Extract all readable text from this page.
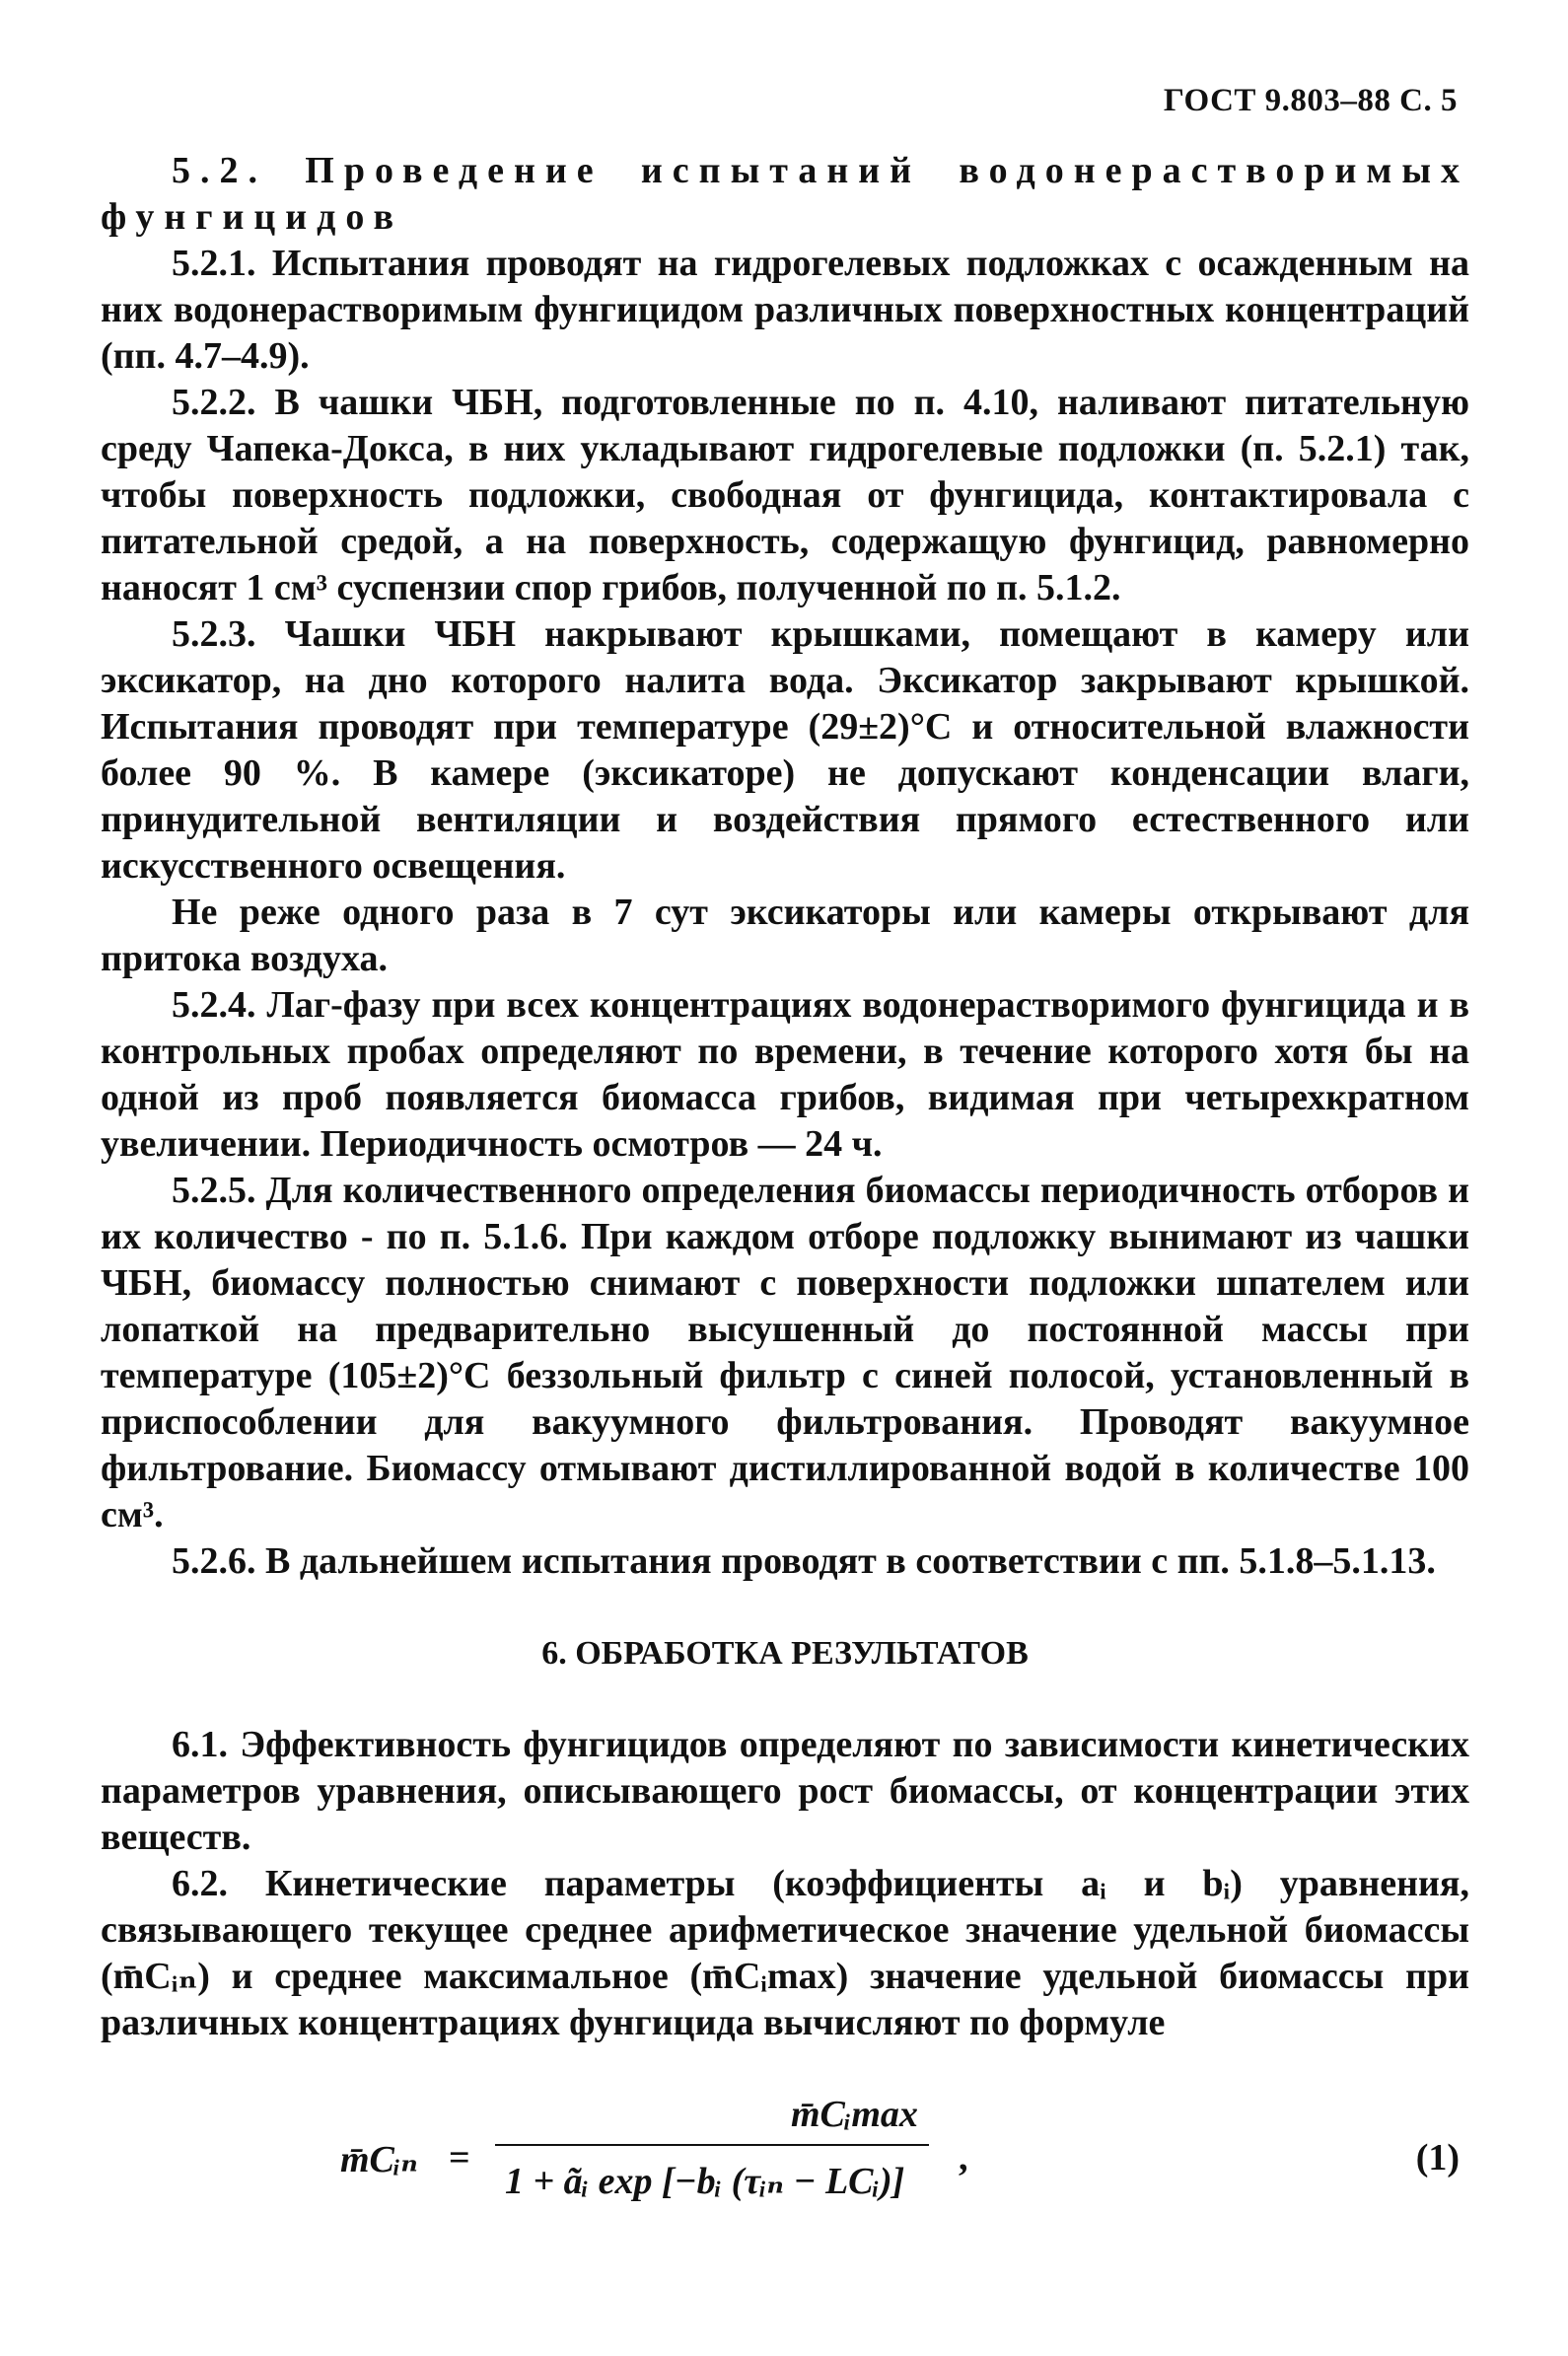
ГОСТ 9.803–88 С. 5

5.2. Проведение испытаний водонерастворимых фунгицидов

5.2.1. Испытания проводят на гидрогелевых подложках с осажденным на них водонерастворимым фунгицидом различных поверхностных концентраций (пп. 4.7–4.9).

5.2.2. В чашки ЧБН, подготовленные по п. 4.10, наливают питательную среду Чапека-Докса, в них укладывают гидрогелевые подложки (п. 5.2.1) так, чтобы поверхность подложки, свободная от фунгицида, контактировала с питательной средой, а на поверхность, содержащую фунгицид, равномерно наносят 1 см³ суспензии спор грибов, полученной по п. 5.1.2.

5.2.3. Чашки ЧБН накрывают крышками, помещают в камеру или эксикатор, на дно которого налита вода. Эксикатор закрывают крышкой. Испытания проводят при температуре (29±2)°С и относительной влажности более 90 %. В камере (эксикаторе) не допускают конденсации влаги, принудительной вентиляции и воздействия прямого естественного или искусственного освещения.

Не реже одного раза в 7 сут эксикаторы или камеры открывают для притока воздуха.

5.2.4. Лаг-фазу при всех концентрациях водонерастворимого фунгицида и в контрольных пробах определяют по времени, в течение которого хотя бы на одной из проб появляется биомасса грибов, видимая при четырехкратном увеличении. Периодичность осмотров — 24 ч.

5.2.5. Для количественного определения биомассы периодичность отборов и их количество - по п. 5.1.6. При каждом отборе подложку вынимают из чашки ЧБН, биомассу полностью снимают с поверхности подложки шпателем или лопаткой на предварительно высушенный до постоянной массы при температуре (105±2)°С беззольный фильтр с синей полосой, установленный в приспособлении для вакуумного фильтрования. Проводят вакуумное фильтрование. Биомассу отмывают дистиллированной водой в количестве 100 см³.

5.2.6. В дальнейшем испытания проводят в соответствии с пп. 5.1.8–5.1.13.

6. ОБРАБОТКА РЕЗУЛЬТАТОВ

6.1. Эффективность фунгицидов определяют по зависимости кинетических параметров уравнения, описывающего рост биомассы, от концентрации этих веществ.

6.2. Кинетические параметры (коэффициенты aᵢ и bᵢ) уравнения, связывающего текущее среднее арифметическое значение удельной биомассы (m̄Cᵢₙ) и среднее максимальное (m̄Cᵢmax) значение удельной биомассы при различных концентрациях фунгицида вычисляют по формуле

m̄Cᵢₙ =
m̄Cᵢmax
1 + ãᵢ exp [−bᵢ (τᵢₙ − LCᵢ)]
,	(1)
